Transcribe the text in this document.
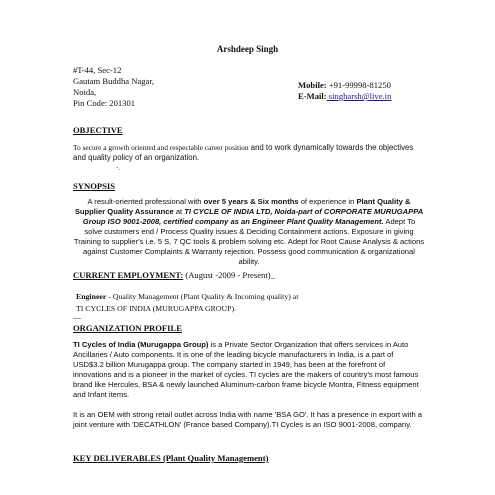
Arshdeep Singh
#T-44, Sec-12
Gautam Buddha Nagar,
Noida,
Pin Code: 201301
Mobile: +91-99998-81250
E-Mail: singharsh@live.in
OBJECTIVE
To secure a growth oriented and respectable career position and to work dynamically towards the objectives and quality policy of an organization.
-.
SYNOPSIS
A result-oriented professional with over 5 years & Six months of experience in Plant Quality & Supplier Quality Assurance at TI CYCLE OF INDIA LTD, Noida-part of CORPORATE MURUGAPPA Group ISO 9001-2008, certified company as an Engineer Plant Quality Management. Adept To solve customers end / Process Quality issues & Deciding Containment actions. Exposure in giving Training to supplier's i.e. 5 S, 7 QC tools & problem solving etc. Adept for Root Cause Analysis & actions against Customer Complaints & Warranty rejection. Possess good communication & organizational ability.
CURRENT EMPLOYMENT: (August -2009 - Present)_
Engineer - Quality Management (Plant Quality & Incoming quality) at
TI CYCLES OF INDIA (MURUGAPPA GROUP).
__
ORGANIZATION PROFILE
TI Cycles of India (Murugappa Group) is a Private Sector Organization that offers services in Auto Ancillaries / Auto components. It is one of the leading bicycle manufacturers in India, is a part of USD$3.2 billion Murugappa group. The company started in 1949, has been at the forefront of innovations and is a pioneer in the market of cycles. TI cycles are the makers of country's most famous brand like Hercules, BSA & newly launched Aluminum-carbon frame bicycle Montra, Fitness equipment and Infant items.
It is an OEM with strong retail outlet across India with name 'BSA GO'. It has a presence in export with a joint venture with 'DECATHLON' (France based Company).TI Cycles is an ISO 9001-2008, company.
KEY DELIVERABLES (Plant Quality Management)
